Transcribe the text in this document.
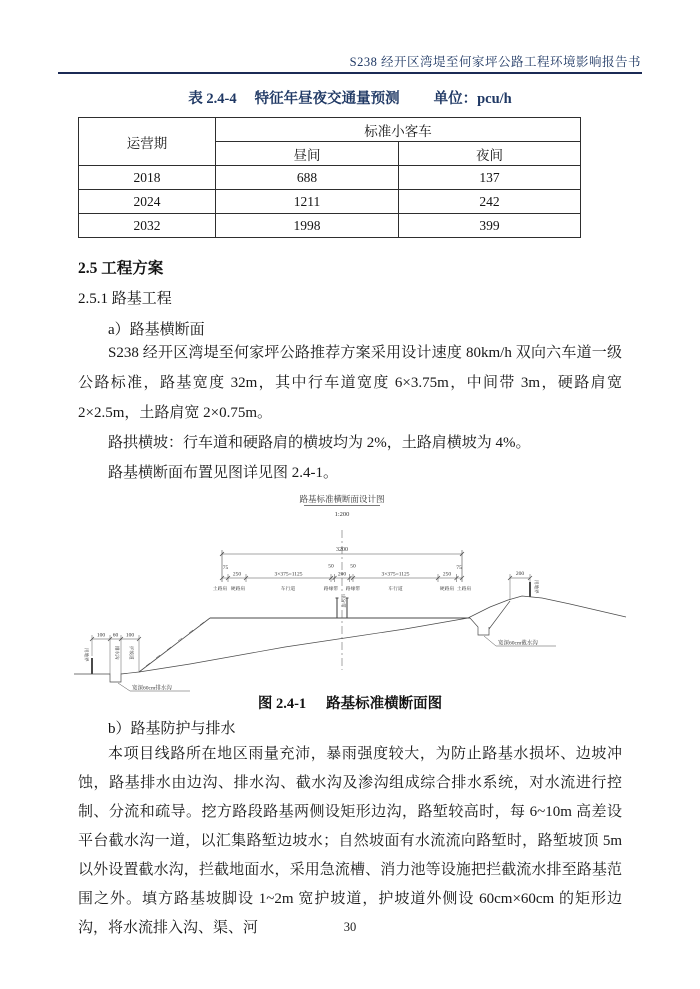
S238 经开区湾堤至何家坪公路工程环境影响报告书
表 2.4-4 特征年昼夜交通量预测 单位：pcu/h
运营期	标准小客车	
	昼间	夜间
2018	688	137
2024	1211	242
2032	1998	399
2.5 工程方案
2.5.1 路基工程
a）路基横断面

S238 经开区湾堤至何家坪公路推荐方案采用设计速度 80km/h 双向六车道一级公路标准，路基宽度 32m，其中行车道宽度 6×3.75m，中间带 3m，硬路肩宽 2×2.5m，土路肩宽 2×0.75m。

路拱横坡：行车道和硬路肩的横坡均为 2%，土路肩横坡为 4%。

路基横断面布置见图详见图 2.4-1。

路基标准横断面设计图
1:200
3200
75
250	3×375=1125
50
200
50
3×375=1125	250
75
土路肩 硬路肩	车行道	路缘带
中分带
路缘带	车行道	硬路肩 土路肩
100 60 100
用地界	排水沟 护坡道
宽深60cm排水沟
200
用地界
宽深60cm截水沟
图 2.4-1 路基标准横断面图
b）路基防护与排水

本项目线路所在地区雨量充沛，暴雨强度较大，为防止路基水损坏、边坡冲蚀，路基排水由边沟、排水沟、截水沟及渗沟组成综合排水系统，对水流进行控制、分流和疏导。挖方路段路基两侧设矩形边沟，路堑较高时，每 6~10m 高差设平台截水沟一道，以汇集路堑边坡水；自然坡面有水流流向路堑时，路堑坡顶 5m 以外设置截水沟，拦截地面水，采用急流槽、消力池等设施把拦截流水排至路基范围之外。填方路基坡脚设 1~2m 宽护坡道，护坡道外侧设 60cm×60cm 的矩形边沟，将水流排入沟、渠、河	30
